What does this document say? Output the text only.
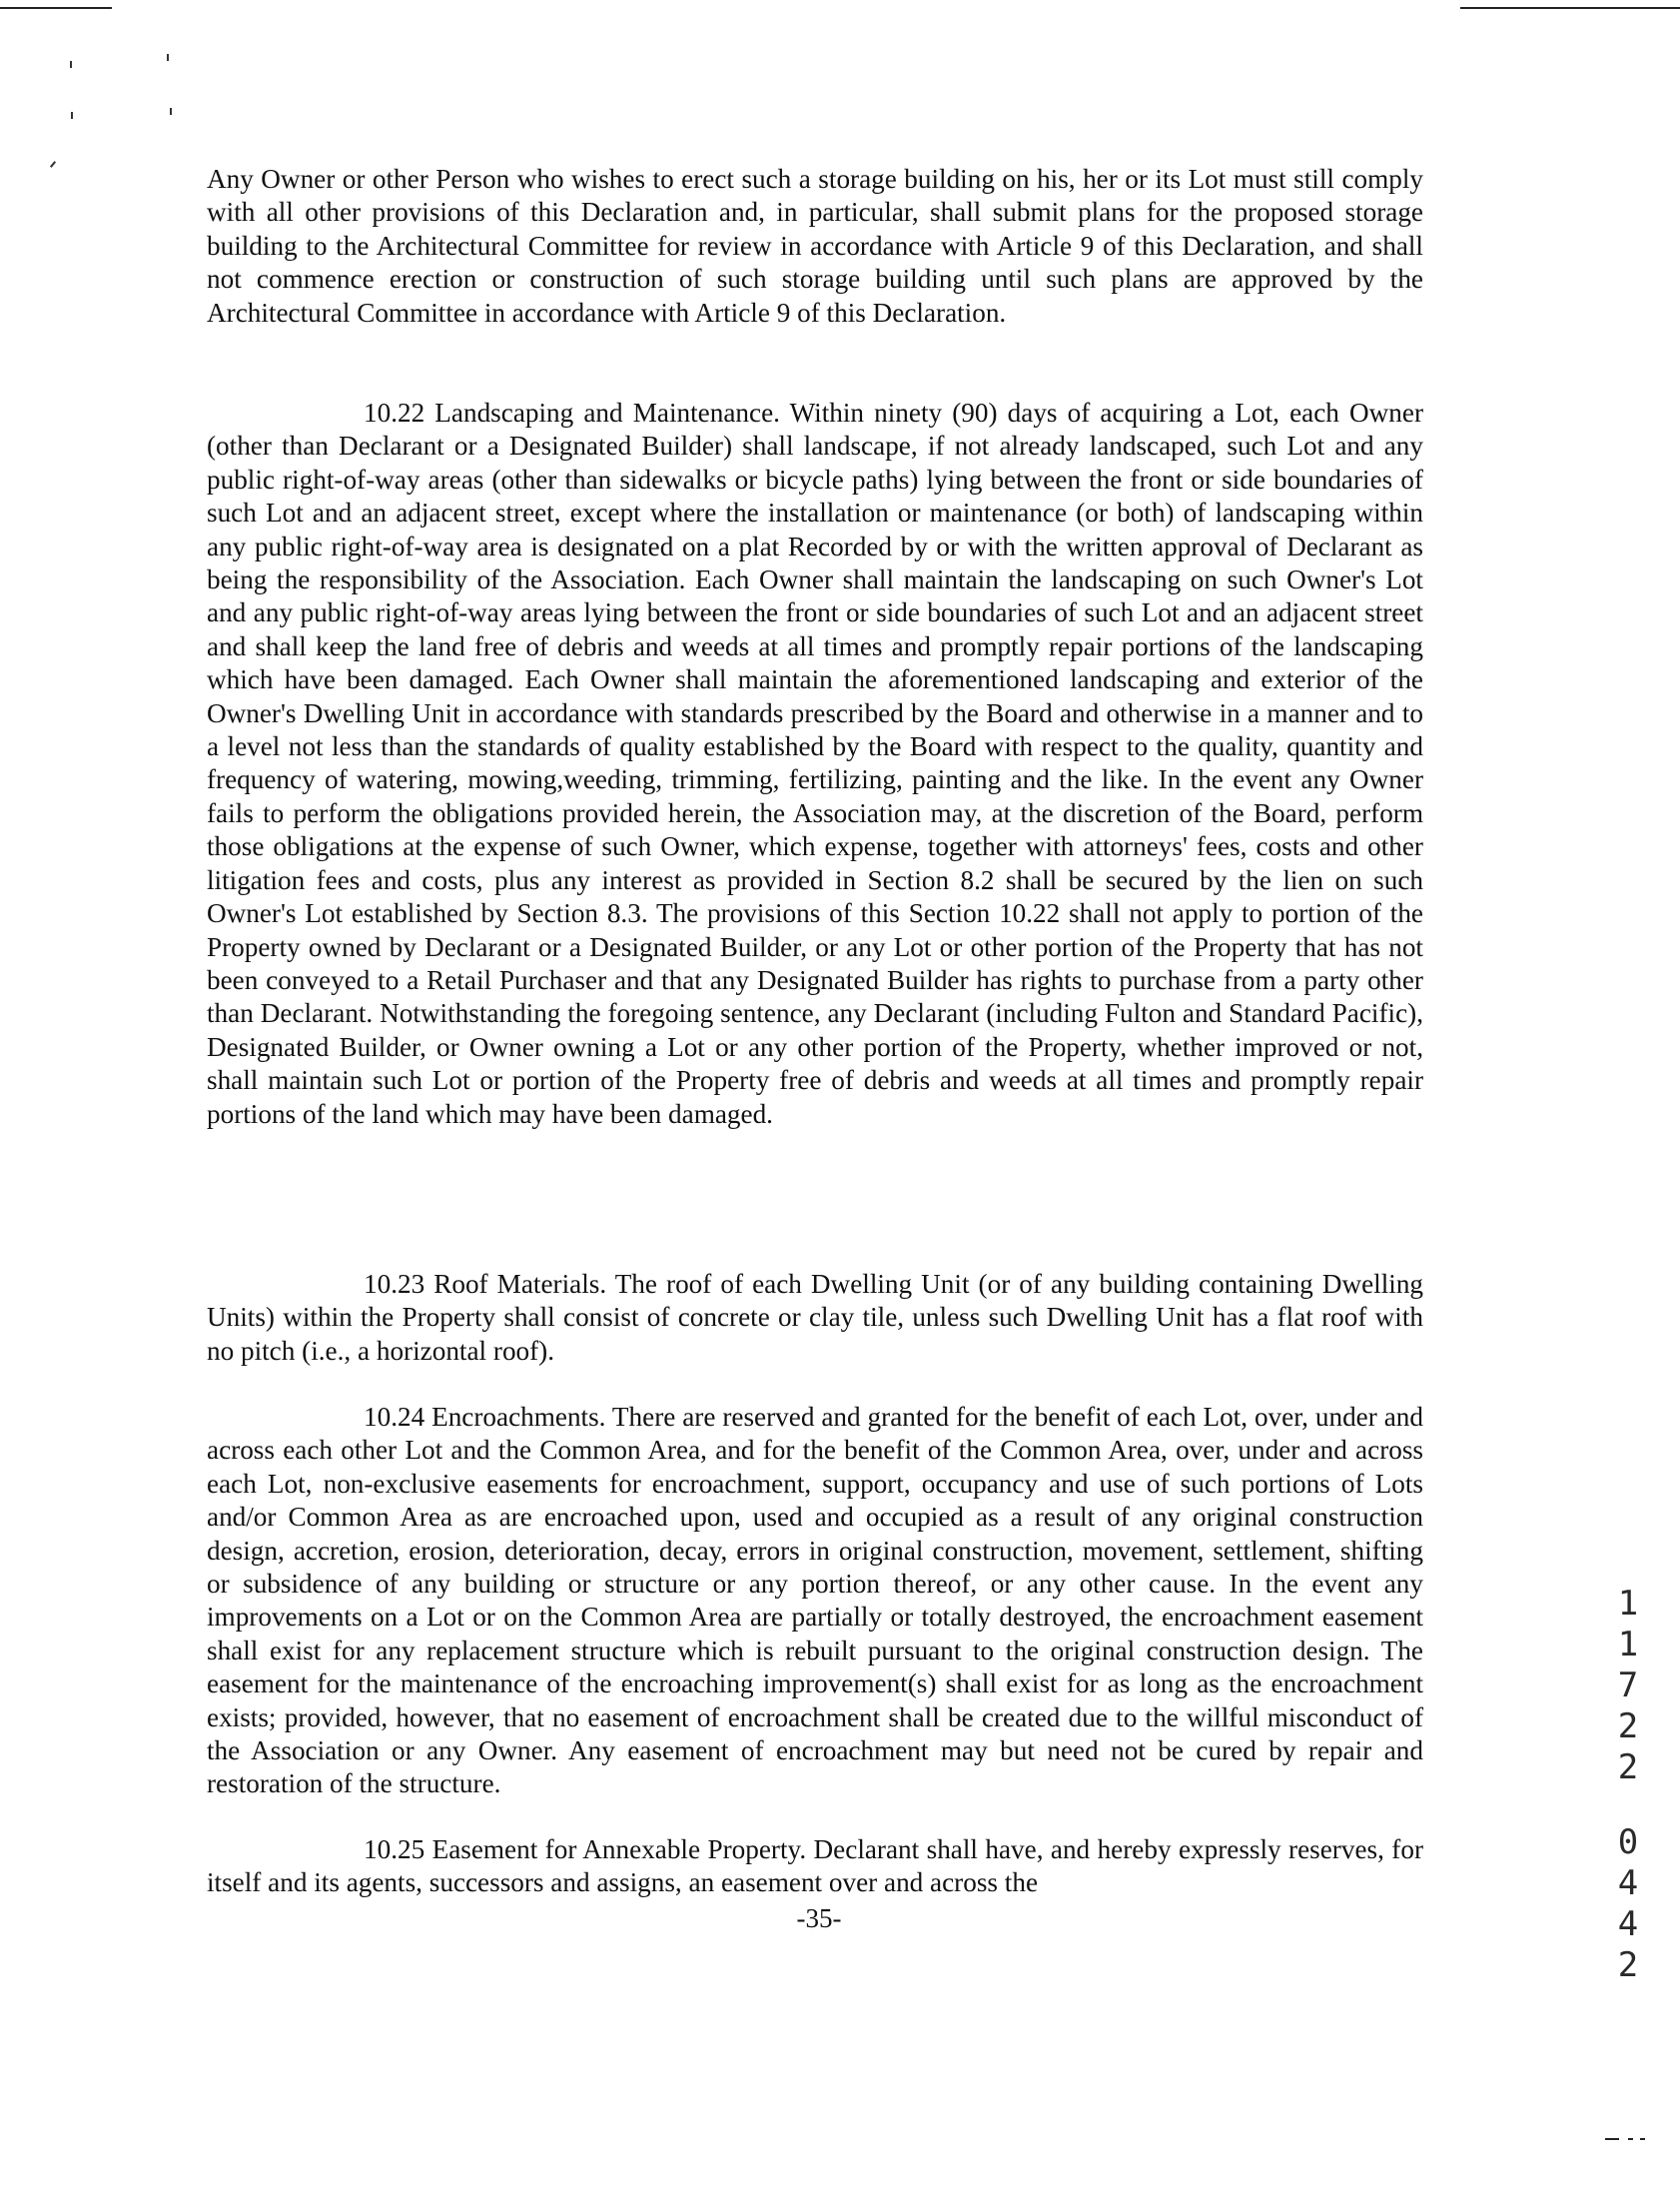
Any Owner or other Person who wishes to erect such a storage building on his, her or its Lot must still comply with all other provisions of this Declaration and, in particular, shall submit plans for the proposed storage building to the Architectural Committee for review in accordance with Article 9 of this Declaration, and shall not commence erection or construction of such storage building until such plans are approved by the Architectural Committee in accordance with Article 9 of this Declaration.

10.22 Landscaping and Maintenance. Within ninety (90) days of acquiring a Lot, each Owner (other than Declarant or a Designated Builder) shall landscape, if not already landscaped, such Lot and any public right-of-way areas (other than sidewalks or bicycle paths) lying between the front or side boundaries of such Lot and an adjacent street, except where the installation or maintenance (or both) of landscaping within any public right-of-way area is designated on a plat Recorded by or with the written approval of Declarant as being the responsibility of the Association. Each Owner shall maintain the landscaping on such Owner's Lot and any public right-of-way areas lying between the front or side boundaries of such Lot and an adjacent street and shall keep the land free of debris and weeds at all times and promptly repair portions of the landscaping which have been damaged. Each Owner shall maintain the aforementioned landscaping and exterior of the Owner's Dwelling Unit in accordance with standards prescribed by the Board and otherwise in a manner and to a level not less than the standards of quality established by the Board with respect to the quality, quantity and frequency of watering, mowing,weeding, trimming, fertilizing, painting and the like. In the event any Owner fails to perform the obligations provided herein, the Association may, at the discretion of the Board, perform those obligations at the expense of such Owner, which expense, together with attorneys' fees, costs and other litigation fees and costs, plus any interest as provided in Section 8.2 shall be secured by the lien on such Owner's Lot established by Section 8.3. The provisions of this Section 10.22 shall not apply to portion of the Property owned by Declarant or a Designated Builder, or any Lot or other portion of the Property that has not been conveyed to a Retail Purchaser and that any Designated Builder has rights to purchase from a party other than Declarant. Notwithstanding the foregoing sentence, any Declarant (including Fulton and Standard Pacific), Designated Builder, or Owner owning a Lot or any other portion of the Property, whether improved or not, shall maintain such Lot or portion of the Property free of debris and weeds at all times and promptly repair portions of the land which may have been damaged.

10.23 Roof Materials. The roof of each Dwelling Unit (or of any building containing Dwelling Units) within the Property shall consist of concrete or clay tile, unless such Dwelling Unit has a flat roof with no pitch (i.e., a horizontal roof).

10.24 Encroachments. There are reserved and granted for the benefit of each Lot, over, under and across each other Lot and the Common Area, and for the benefit of the Common Area, over, under and across each Lot, non-exclusive easements for encroachment, support, occupancy and use of such portions of Lots and/or Common Area as are encroached upon, used and occupied as a result of any original construction design, accretion, erosion, deterioration, decay, errors in original construction, movement, settlement, shifting or subsidence of any building or structure or any portion thereof, or any other cause. In the event any improvements on a Lot or on the Common Area are partially or totally destroyed, the encroachment easement shall exist for any replacement structure which is rebuilt pursuant to the original construction design. The easement for the maintenance of the encroaching improvement(s) shall exist for as long as the encroachment exists; provided, however, that no easement of encroachment shall be created due to the willful misconduct of the Association or any Owner. Any easement of encroachment may but need not be cured by repair and restoration of the structure.

10.25 Easement for Annexable Property. Declarant shall have, and hereby expressly reserves, for itself and its agents, successors and assigns, an easement over and across the

-35-
1
1
7
2
2
0
4
4
2
